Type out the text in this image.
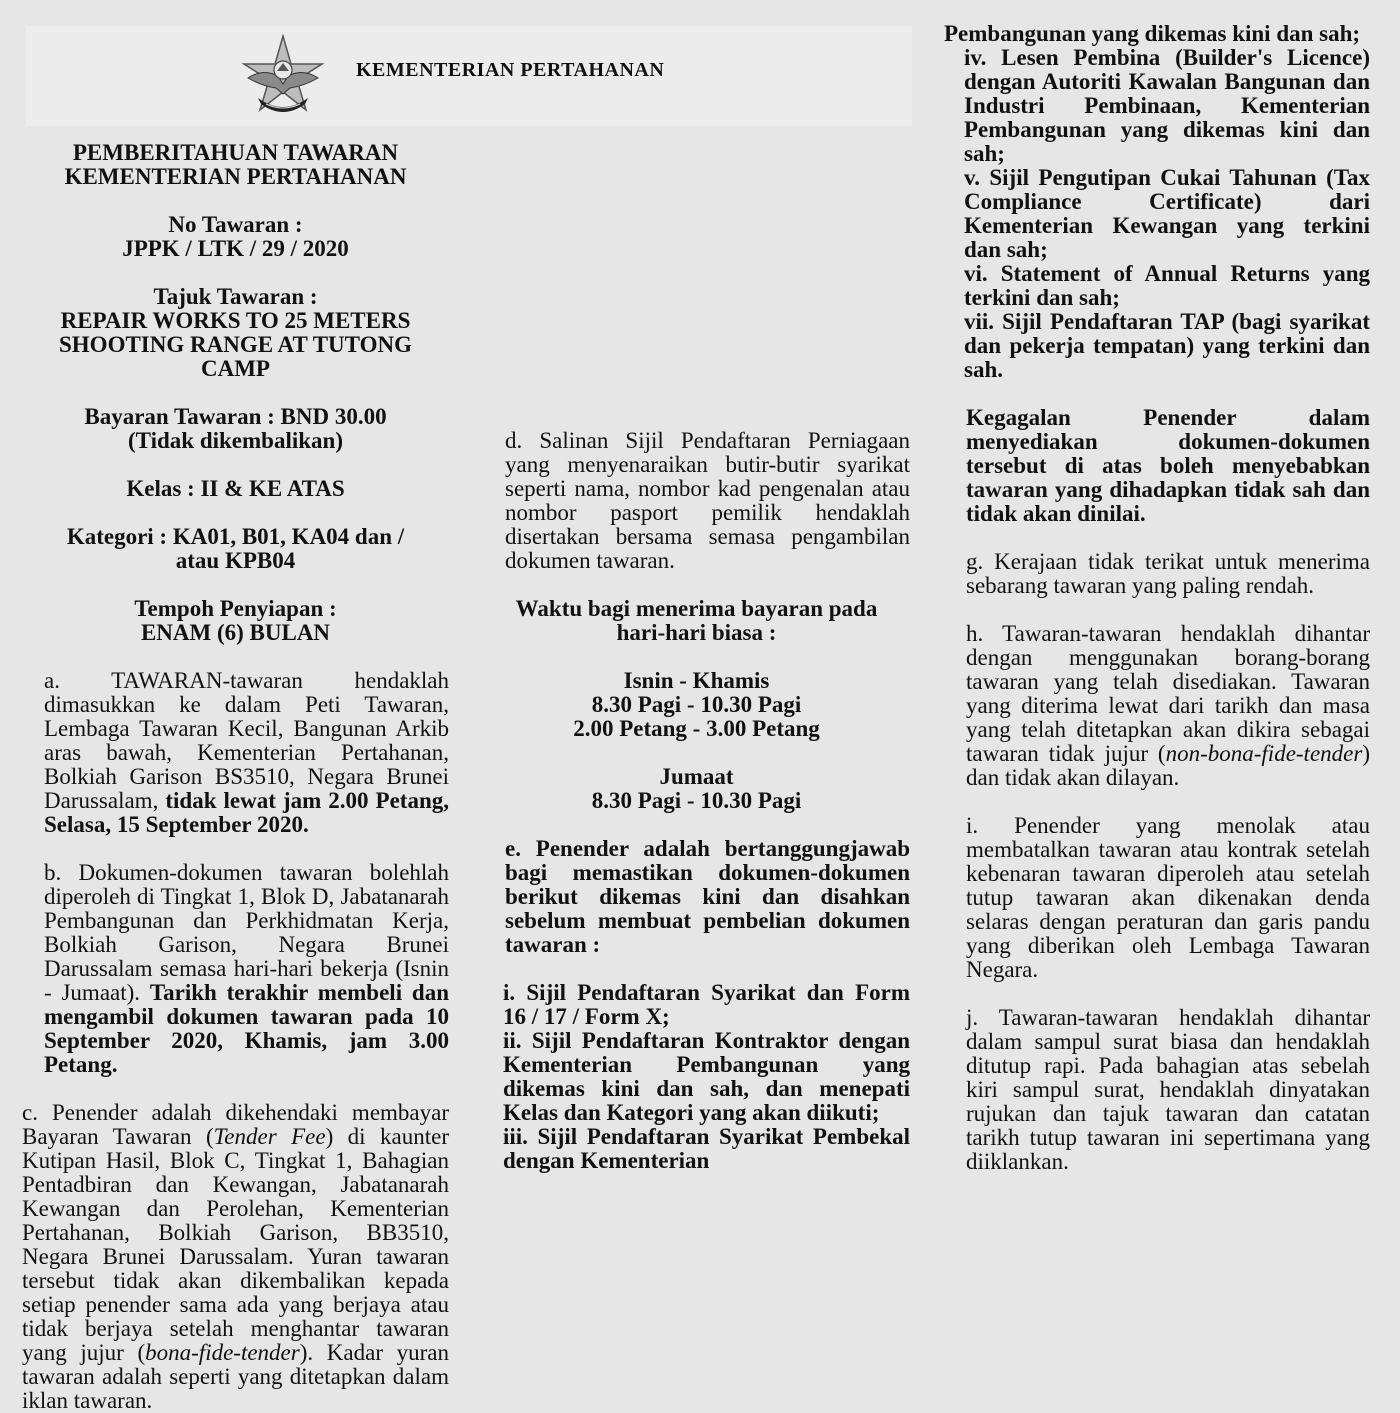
KEMENTERIAN PERTAHANAN

PEMBERITAHUAN TAWARAN

KEMENTERIAN PERTAHANAN

No Tawaran :

JPPK / LTK / 29 / 2020

Tajuk Tawaran :

REPAIR WORKS TO 25 METERS

SHOOTING RANGE AT TUTONG

CAMP

Bayaran Tawaran : BND 30.00

(Tidak dikembalikan)

Kelas : II & KE ATAS

Kategori : KA01, B01, KA04 dan /

atau KPB04

Tempoh Penyiapan :

ENAM (6) BULAN

a. TAWARAN-tawaran hendaklah dimasukkan ke dalam Peti Tawaran, Lembaga Tawaran Kecil, Bangunan Arkib aras bawah, Kementerian Pertahanan, Bolkiah Garison BS3510, Negara Brunei Darussalam, tidak lewat jam 2.00 Petang, Selasa, 15 September 2020.

b. Dokumen-dokumen tawaran bolehlah diperoleh di Tingkat 1, Blok D, Jabatanarah Pembangunan dan Perkhidmatan Kerja, Bolkiah Garison, Negara Brunei Darussalam semasa hari-hari bekerja (Isnin - Jumaat). Tarikh terakhir membeli dan mengambil dokumen tawaran pada 10 September 2020, Khamis, jam 3.00 Petang.

c. Penender adalah dikehendaki membayar Bayaran Tawaran (Tender Fee) di kaunter Kutipan Hasil, Blok C, Tingkat 1, Bahagian Pentadbiran dan Kewangan, Jabatanarah Kewangan dan Perolehan, Kementerian Pertahanan, Bolkiah Garison, BB3510, Negara Brunei Darussalam. Yuran tawaran tersebut tidak akan dikembalikan kepada setiap penender sama ada yang berjaya atau tidak berjaya setelah menghantar tawaran yang jujur (bona-fide-tender). Kadar yuran tawaran adalah seperti yang ditetapkan dalam iklan tawaran.

d. Salinan Sijil Pendaftaran Perniagaan yang menyenaraikan butir-butir syarikat seperti nama, nombor kad pengenalan atau nombor pasport pemilik hendaklah disertakan bersama semasa pengambilan dokumen tawaran.

Waktu bagi menerima bayaran pada

hari-hari biasa :

Isnin - Khamis

8.30 Pagi - 10.30 Pagi

2.00 Petang - 3.00 Petang

Jumaat

8.30 Pagi - 10.30 Pagi

e. Penender adalah bertanggungjawab bagi memastikan dokumen-dokumen berikut dikemas kini dan disahkan sebelum membuat pembelian dokumen tawaran :

i. Sijil Pendaftaran Syarikat dan Form 16 / 17 / Form X;

ii. Sijil Pendaftaran Kontraktor dengan Kementerian Pembangunan yang dikemas kini dan sah, dan menepati Kelas dan Kategori yang akan diikuti;

iii. Sijil Pendaftaran Syarikat Pembekal dengan Kementerian

Pembangunan yang dikemas kini dan sah;

iv. Lesen Pembina (Builder's Licence) dengan Autoriti Kawalan Bangunan dan Industri Pembinaan, Kementerian Pembangunan yang dikemas kini dan sah;

v. Sijil Pengutipan Cukai Tahunan (Tax Compliance Certificate) dari Kementerian Kewangan yang terkini dan sah;

vi. Statement of Annual Returns yang terkini dan sah;

vii. Sijil Pendaftaran TAP (bagi syarikat dan pekerja tempatan) yang terkini dan sah.

Kegagalan Penender dalam menyediakan dokumen-dokumen tersebut di atas boleh menyebabkan tawaran yang dihadapkan tidak sah dan tidak akan dinilai.

g. Kerajaan tidak terikat untuk menerima sebarang tawaran yang paling rendah.

h. Tawaran-tawaran hendaklah dihantar dengan menggunakan borang-borang tawaran yang telah disediakan. Tawaran yang diterima lewat dari tarikh dan masa yang telah ditetapkan akan dikira sebagai tawaran tidak jujur (non-bona-fide-tender) dan tidak akan dilayan.

i. Penender yang menolak atau membatalkan tawaran atau kontrak setelah kebenaran tawaran diperoleh atau setelah tutup tawaran akan dikenakan denda selaras dengan peraturan dan garis pandu yang diberikan oleh Lembaga Tawaran Negara.

j. Tawaran-tawaran hendaklah dihantar dalam sampul surat biasa dan hendaklah ditutup rapi. Pada bahagian atas sebelah kiri sampul surat, hendaklah dinyatakan rujukan dan tajuk tawaran dan catatan tarikh tutup tawaran ini sepertimana yang diiklankan.
